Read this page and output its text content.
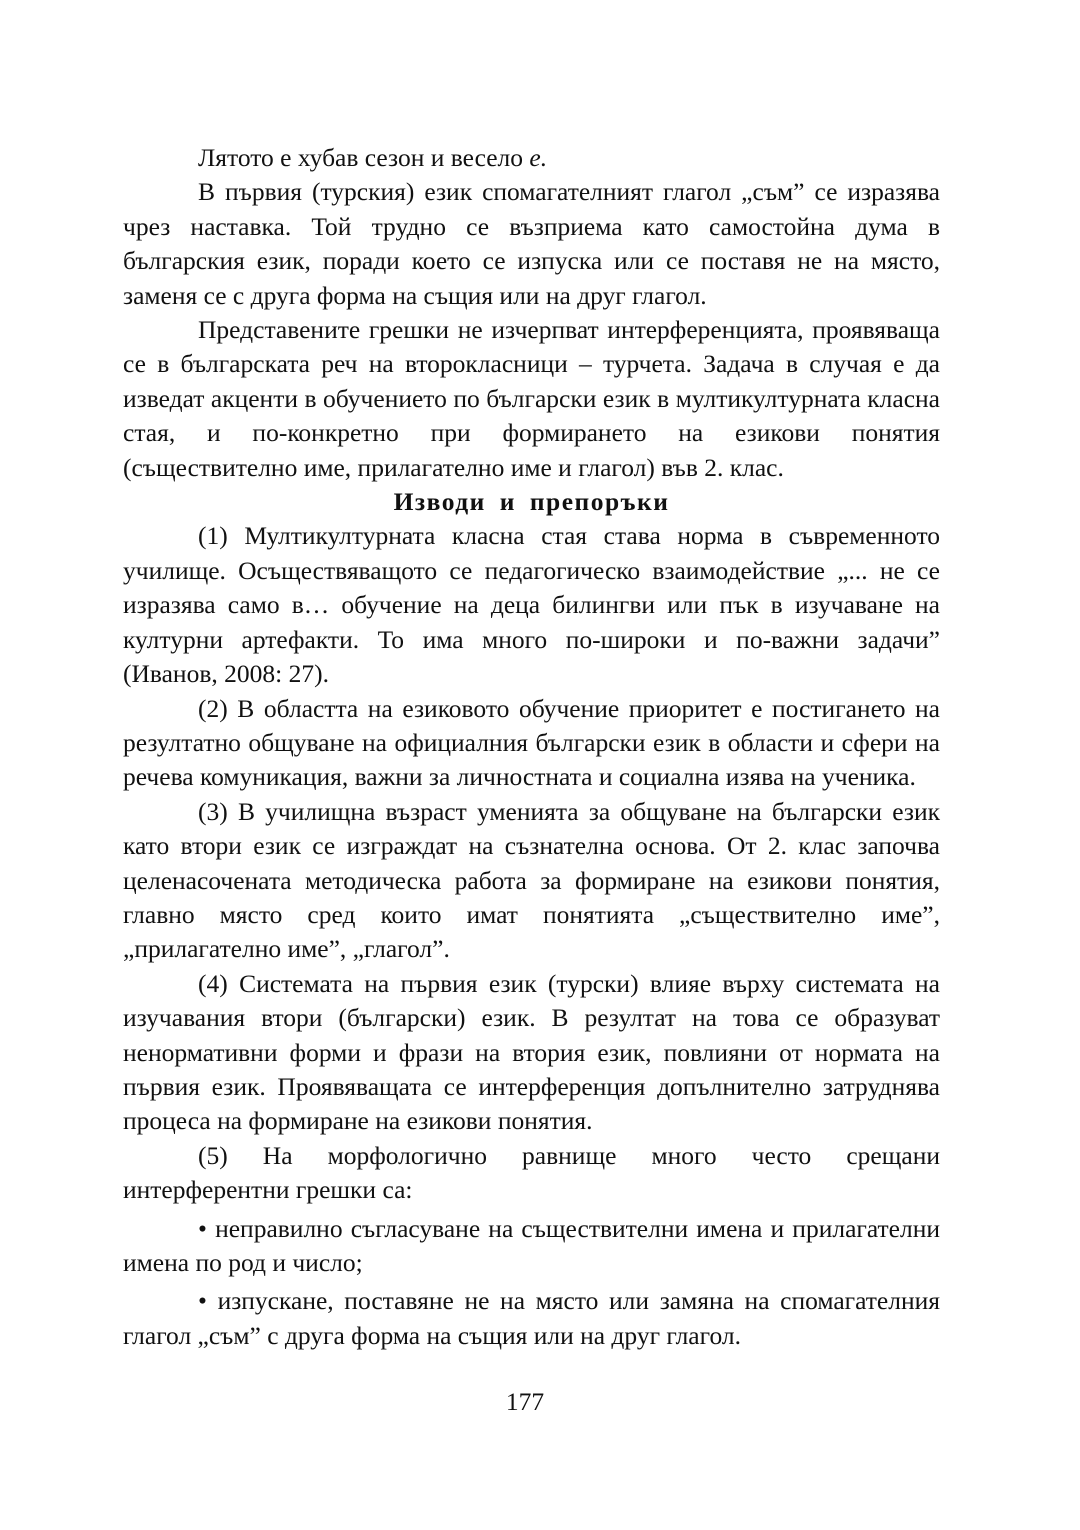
Лятото е хубав сезон и весело е.

В първия (турския) език спомагателният глагол „съм” се изразява чрез наставка. Той трудно се възприема като самостойна дума в българския език, поради което се изпуска или се поставя не на място, заменя се с друга форма на същия или на друг глагол.

Представените грешки не изчерпват интерференцията, проявяваща се в българската реч на второкласници – турчета. Задача в случая е да изведат акценти в обучението по български език в мултикултурната класна стая, и по-конкретно при формирането на езикови понятия (съществително име, прилагателно име и глагол) във 2. клас.

Изводи и препоръки

(1) Мултикултурната класна стая става норма в съвременното училище. Осъществяващото се педагогическо взаимодействие „... не се изразява само в… обучение на деца билингви или пък в изучаване на културни артефакти. То има много по-широки и по-важни задачи” (Иванов, 2008: 27).

(2) В областта на езиковото обучение приоритет е постигането на резултатно общуване на официалния български език в области и сфери на речева комуникация, важни за личностната и социална изява на ученика.

(3) В училищна възраст уменията за общуване на български език като втори език се изграждат на съзнателна основа. От 2. клас започва целенасочената методическа работа за формиране на езикови понятия, главно място сред които имат понятията „съществително име”, „прилагателно име”, „глагол”.

(4) Системата на първия език (турски) влияе върху системата на изучавания втори (български) език. В резултат на това се образуват ненормативни форми и фрази на втория език, повлияни от нормата на първия език. Проявяващата се интерференция допълнително затруднява процеса на формиране на езикови понятия.

(5) На морфологично равнище много често срещани интерферентни грешки са:

• неправилно съгласуване на съществителни имена и прилагателни имена по род и число;

• изпускане, поставяне не на място или замяна на спомагателния глагол „съм” с друга форма на същия или на друг глагол.

177
